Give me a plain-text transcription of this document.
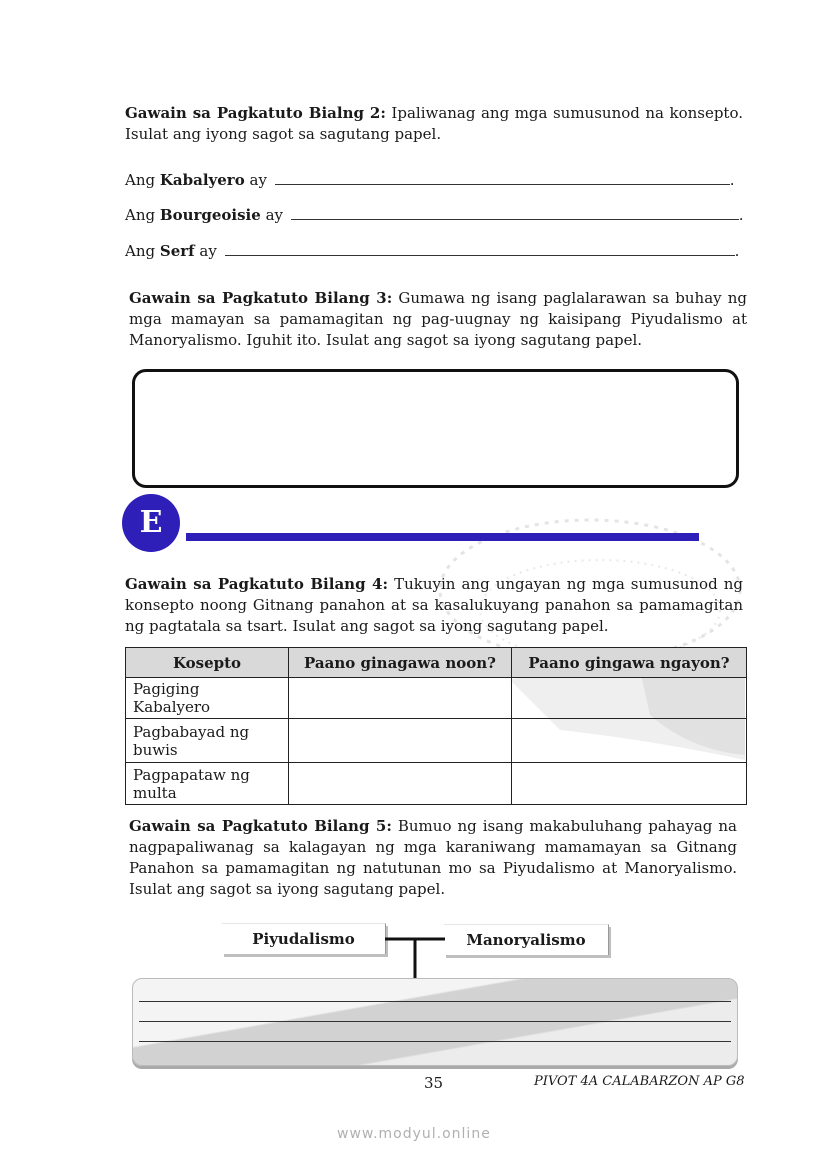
Gawain sa Pagkatuto Bialng 2: Ipaliwanag ang mga sumusunod na konsepto. Isulat ang iyong sagot sa sagutang papel.
Ang Kabalyero ay	.
Ang Bourgeoisie ay	.
Ang Serf ay	.
Gawain sa Pagkatuto Bilang 3: Gumawa ng isang paglalarawan sa buhay ng mga mamayan sa pamamagitan ng pag-uugnay ng kaisipang Piyudalismo at Manoryalismo. Iguhit ito. Isulat ang sagot sa iyong sagutang papel.
E
Gawain sa Pagkatuto Bilang 4: Tukuyin ang ungayan ng mga sumusunod ng konsepto noong Gitnang panahon at sa kasalukuyang panahon sa pamamagitan ng pagtatala sa tsart. Isulat ang sagot sa iyong sagutang papel.
Kosepto	Paano ginagawa noon?	Paano gingawa ngayon?
Pagiging Kabalyero		
Pagbabayad ng buwis		
Pagpapataw ng multa		
Gawain sa Pagkatuto Bilang 5: Bumuo ng isang makabuluhang pahayag na nagpapaliwanag sa kalagayan ng mga karaniwang mamamayan sa Gitnang Panahon sa pamamagitan ng natutunan mo sa Piyudalismo at Manoryalismo. Isulat ang sagot sa iyong sagutang papel.
Piyudalismo	Manoryalismo
35	PIVOT 4A CALABARZON AP G8
www.modyul.online
